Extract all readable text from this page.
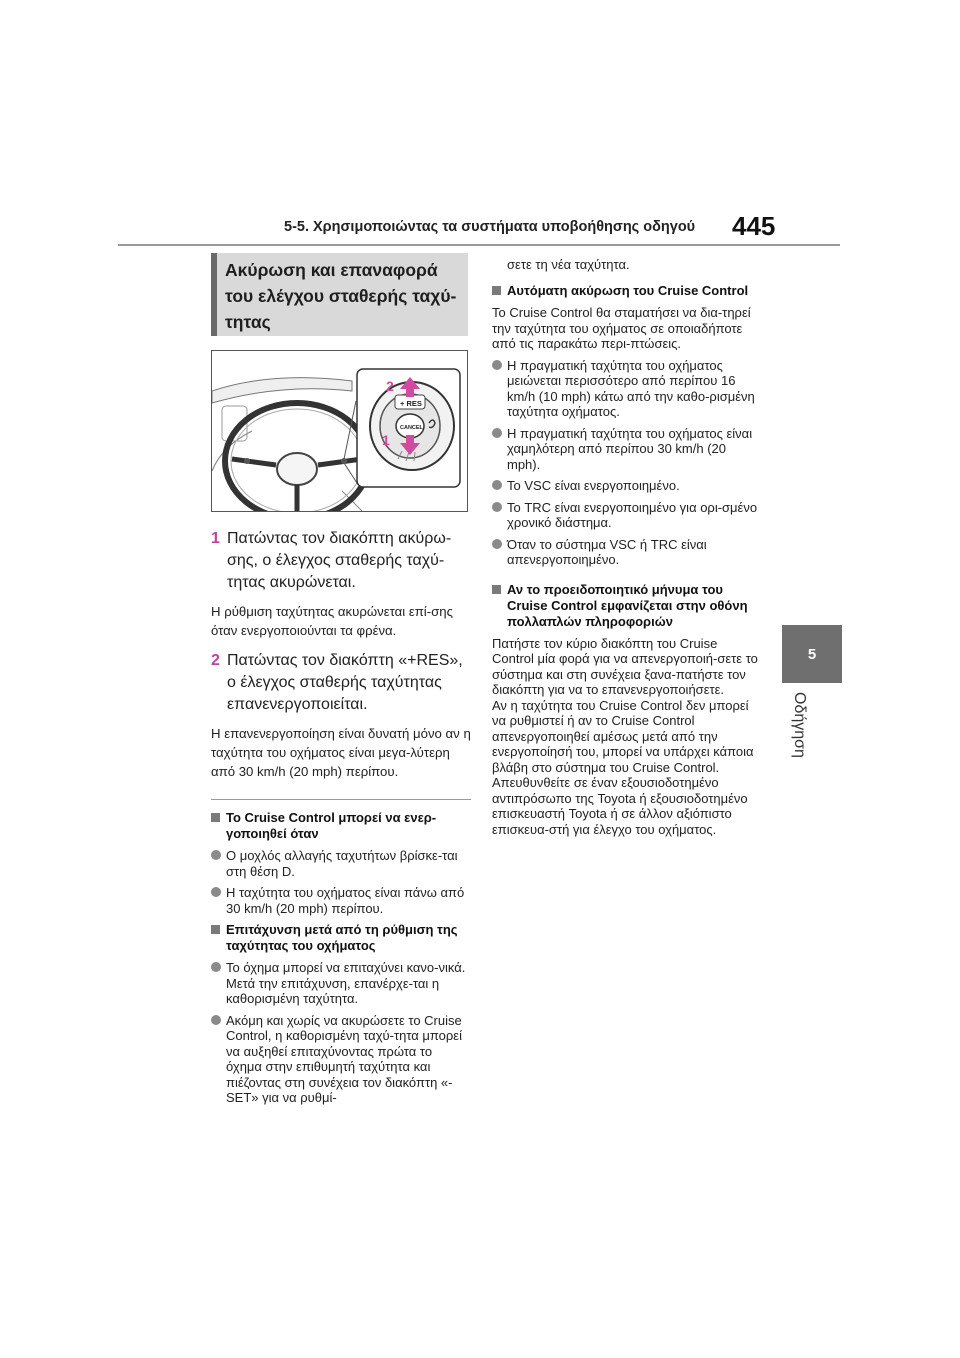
5-5. Χρησιμοποιώντας τα συστήματα υποβοήθησης οδηγού	445
5
Οδήγηση
Ακύρωση και επαναφορά του ελέγχου σταθερής ταχύ-τητας
2
1
+ RES
CANCEL
1 Πατώντας τον διακόπτη ακύρω-σης, ο έλεγχος σταθερής ταχύ-τητας ακυρώνεται.

Η ρύθμιση ταχύτητας ακυρώνεται επί-σης όταν ενεργοποιούνται τα φρένα.

2 Πατώντας τον διακόπτη «+RES», ο έλεγχος σταθερής ταχύτητας επανενεργοποιείται.

Η επανενεργοποίηση είναι δυνατή μόνο αν η ταχύτητα του οχήματος είναι μεγα-λύτερη από 30 km/h (20 mph) περίπου.

Το Cruise Control μπορεί να ενερ-γοποιηθεί όταν
Ο μοχλός αλλαγής ταχυτήτων βρίσκε-ται στη θέση D.
Η ταχύτητα του οχήματος είναι πάνω από 30 km/h (20 mph) περίπου.
Επιτάχυνση μετά από τη ρύθμιση της ταχύτητας του οχήματος
Το όχημα μπορεί να επιταχύνει κανο-νικά. Μετά την επιτάχυνση, επανέρχε-ται η καθορισμένη ταχύτητα.
Ακόμη και χωρίς να ακυρώσετε το Cruise Control, η καθορισμένη ταχύ-τητα μπορεί να αυξηθεί επιταχύνοντας πρώτα το όχημα στην επιθυμητή ταχύτητα και πιέζοντας στη συνέχεια τον διακόπτη «-SET» για να ρυθμί-

σετε τη νέα ταχύτητα.

Αυτόματη ακύρωση του Cruise Control

Το Cruise Control θα σταματήσει να δια-τηρεί την ταχύτητα του οχήματος σε οποιαδήποτε από τις παρακάτω περι-πτώσεις.

Η πραγματική ταχύτητα του οχήματος μειώνεται περισσότερο από περίπου 16 km/h (10 mph) κάτω από την καθο-ρισμένη ταχύτητα οχήματος.
Η πραγματική ταχύτητα του οχήματος είναι χαμηλότερη από περίπου 30 km/h (20 mph).
Το VSC είναι ενεργοποιημένο.
Το TRC είναι ενεργοποιημένο για ορι-σμένο χρονικό διάστημα.
Όταν το σύστημα VSC ή TRC είναι απενεργοποιημένο.
Αν το προειδοποιητικό μήνυμα του Cruise Control εμφανίζεται στην οθόνη πολλαπλών πληροφοριών

Πατήστε τον κύριο διακόπτη του Cruise Control μία φορά για να απενεργοποιή-σετε το σύστημα και στη συνέχεια ξανα-πατήστε τον διακόπτη για να το επανενεργοποιήσετε.

Αν η ταχύτητα του Cruise Control δεν μπορεί να ρυθμιστεί ή αν το Cruise Control απενεργοποιηθεί αμέσως μετά από την ενεργοποίησή του, μπορεί να υπάρχει κάποια βλάβη στο σύστημα του Cruise Control. Απευθυνθείτε σε έναν εξουσιοδοτημένο αντιπρόσωπο της Toyota ή εξουσιοδοτημένο επισκευαστή Toyota ή σε άλλον αξιόπιστο επισκευα-στή για έλεγχο του οχήματος.
